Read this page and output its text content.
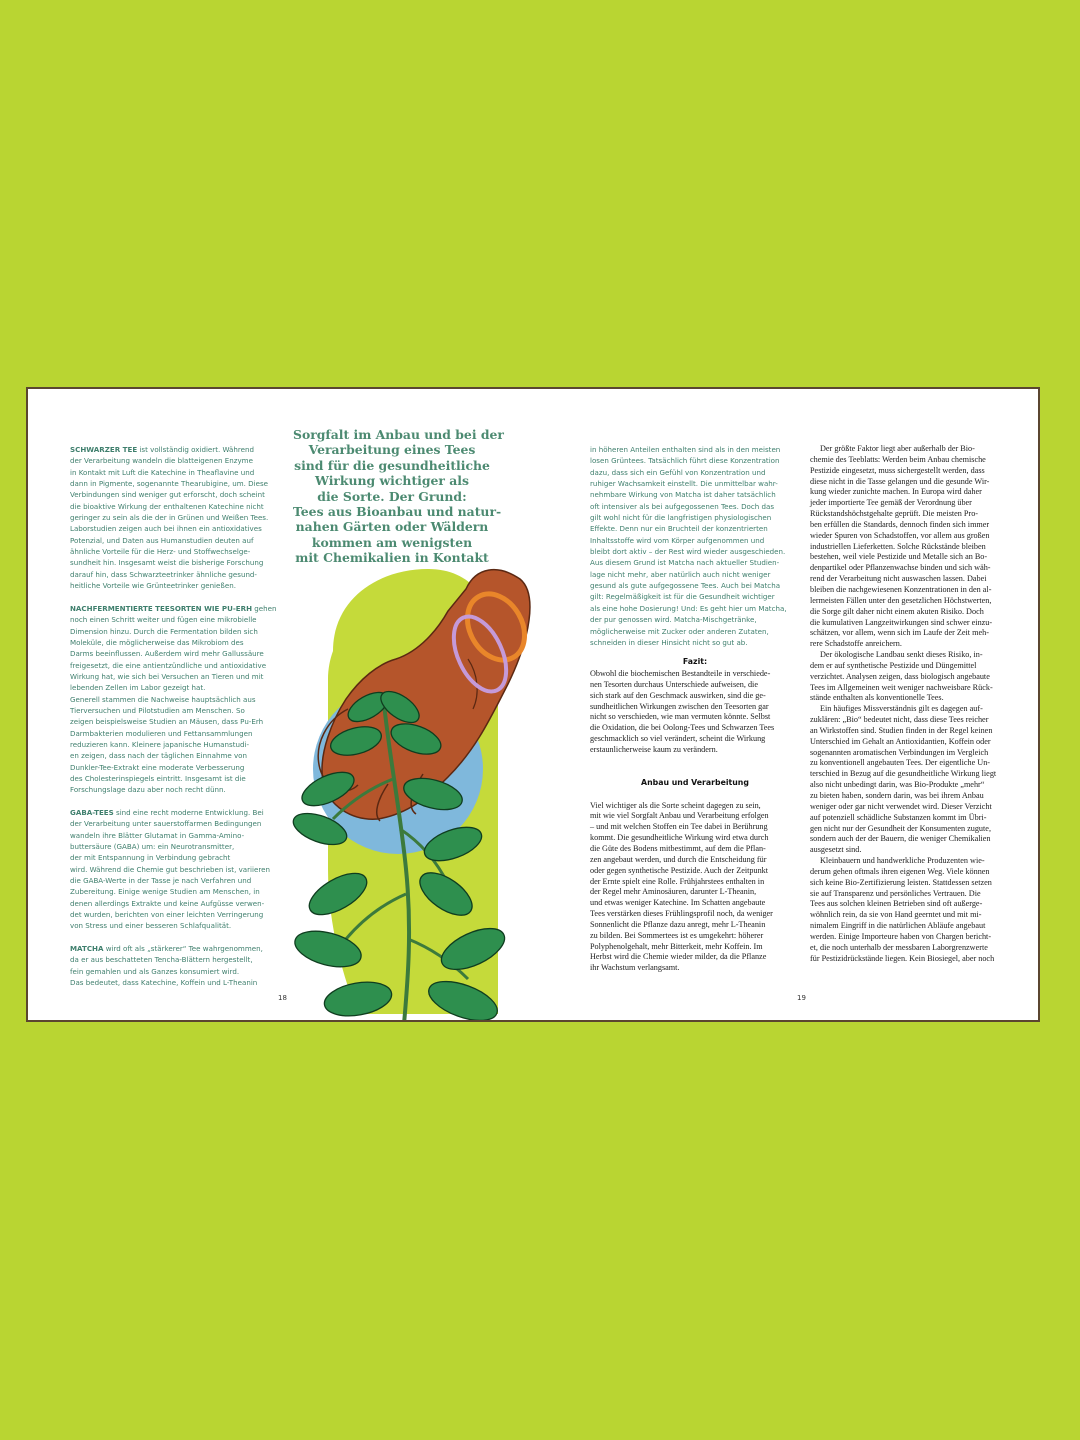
SCHWARZER TEE ist vollständig oxidiert. Während

der Verarbeitung wandeln die blatteigenen Enzyme

in Kontakt mit Luft die Katechine in Theaflavine und

dann in Pigmente, sogenannte Thearubigine, um. Diese

Verbindungen sind weniger gut erforscht, doch scheint

die bioaktive Wirkung der enthaltenen Katechine nicht

geringer zu sein als die der in Grünen und Weißen Tees.

Laborstudien zeigen auch bei ihnen ein antioxidatives

Potenzial, und Daten aus Humanstudien deuten auf

ähnliche Vorteile für die Herz- und Stoffwechselge-

sundheit hin. Insgesamt weist die bisherige Forschung

darauf hin, dass Schwarzteetrinker ähnliche gesund-

heitliche Vorteile wie Grünteetrinker genießen.

NACHFERMENTIERTE TEESORTEN WIE PU-ERH gehen

noch einen Schritt weiter und fügen eine mikrobielle

Dimension hinzu. Durch die Fermentation bilden sich

Moleküle, die möglicherweise das Mikrobiom des

Darms beeinflussen. Außerdem wird mehr Gallussäure

freigesetzt, die eine antientzündliche und antioxidative

Wirkung hat, wie sich bei Versuchen an Tieren und mit

lebenden Zellen im Labor gezeigt hat.

Generell stammen die Nachweise hauptsächlich aus

Tierversuchen und Pilotstudien am Menschen. So

zeigen beispielsweise Studien an Mäusen, dass Pu-Erh

Darmbakterien modulieren und Fettansammlungen

reduzieren kann. Kleinere japanische Humanstudi-

en zeigen, dass nach der täglichen Einnahme von

Dunkler-Tee-Extrakt eine moderate Verbesserung

des Cholesterinspiegels eintritt. Insgesamt ist die

Forschungslage dazu aber noch recht dünn.

GABA-TEES sind eine recht moderne Entwicklung. Bei

der Verarbeitung unter sauerstoffarmen Bedingungen

wandeln ihre Blätter Glutamat in Gamma-Amino-

buttersäure (GABA) um: ein Neurotransmitter,

der mit Entspannung in Verbindung gebracht

wird. Während die Chemie gut beschrieben ist, variieren

die GABA-Werte in der Tasse je nach Verfahren und

Zubereitung. Einige wenige Studien am Menschen, in

denen allerdings Extrakte und keine Aufgüsse verwen-

det wurden, berichten von einer leichten Verringerung

von Stress und einer besseren Schlafqualität.

MATCHA wird oft als „stärkerer“ Tee wahrgenommen,

da er aus beschatteten Tencha-Blättern hergestellt,

fein gemahlen und als Ganzes konsumiert wird.

Das bedeutet, dass Katechine, Koffein und L-Theanin

Sorgfalt im Anbau und bei der
Verarbeitung eines Tees
sind für die gesundheitliche
Wirkung wichtiger als
die Sorte. Der Grund:
Tees aus Bioanbau und natur-
nahen Gärten oder Wäldern
kommen am wenigsten
mit Chemikalien in Kontakt
18	19

in höheren Anteilen enthalten sind als in den meisten

losen Grüntees. Tatsächlich führt diese Konzentration

dazu, dass sich ein Gefühl von Konzentration und

ruhiger Wachsamkeit einstellt. Die unmittelbar wahr-

nehmbare Wirkung von Matcha ist daher tatsächlich

oft intensiver als bei aufgegossenen Tees. Doch das

gilt wohl nicht für die langfristigen physiologischen

Effekte. Denn nur ein Bruchteil der konzentrierten

Inhaltsstoffe wird vom Körper aufgenommen und

bleibt dort aktiv – der Rest wird wieder ausgeschieden.

Aus diesem Grund ist Matcha nach aktueller Studien-

lage nicht mehr, aber natürlich auch nicht weniger

gesund als gute aufgegossene Tees. Auch bei Matcha

gilt: Regelmäßigkeit ist für die Gesundheit wichtiger

als eine hohe Dosierung! Und: Es geht hier um Matcha,

der pur genossen wird. Matcha-Mischgetränke,

möglicherweise mit Zucker oder anderen Zutaten,

schneiden in dieser Hinsicht nicht so gut ab.

Fazit:

Obwohl die biochemischen Bestandteile in verschiede-

nen Tesorten durchaus Unterschiede aufweisen, die

sich stark auf den Geschmack auswirken, sind die ge-

sundheitlichen Wirkungen zwischen den Teesorten gar

nicht so verschieden, wie man vermuten könnte. Selbst

die Oxidation, die bei Oolong-Tees und Schwarzen Tees

geschmacklich so viel verändert, scheint die Wirkung

erstaunlicherweise kaum zu verändern.

Anbau und Verarbeitung

Viel wichtiger als die Sorte scheint dagegen zu sein,

mit wie viel Sorgfalt Anbau und Verarbeitung erfolgen

– und mit welchen Stoffen ein Tee dabei in Berührung

kommt. Die gesundheitliche Wirkung wird etwa durch

die Güte des Bodens mitbestimmt, auf dem die Pflan-

zen angebaut werden, und durch die Entscheidung für

oder gegen synthetische Pestizide. Auch der Zeitpunkt

der Ernte spielt eine Rolle. Frühjahrstees enthalten in

der Regel mehr Aminosäuren, darunter L-Theanin,

und etwas weniger Katechine. Im Schatten angebaute

Tees verstärken dieses Frühlingsprofil noch, da weniger

Sonnenlicht die Pflanze dazu anregt, mehr L-Theanin

zu bilden. Bei Sommertees ist es umgekehrt: höherer

Polyphenolgehalt, mehr Bitterkeit, mehr Koffein. Im

Herbst wird die Chemie wieder milder, da die Pflanze

ihr Wachstum verlangsamt.

Der größte Faktor liegt aber außerhalb der Bio-

chemie des Teeblatts: Werden beim Anbau chemische

Pestizide eingesetzt, muss sichergestellt werden, dass

diese nicht in die Tasse gelangen und die gesunde Wir-

kung wieder zunichte machen. In Europa wird daher

jeder importierte Tee gemäß der Verordnung über

Rückstandshöchstgehalte geprüft. Die meisten Pro-

ben erfüllen die Standards, dennoch finden sich immer

wieder Spuren von Schadstoffen, vor allem aus großen

industriellen Lieferketten. Solche Rückstände bleiben

bestehen, weil viele Pestizide und Metalle sich an Bo-

denpartikel oder Pflanzenwachse binden und sich wäh-

rend der Verarbeitung nicht auswaschen lassen. Dabei

bleiben die nachgewiesenen Konzentrationen in den al-

lermeisten Fällen unter den gesetzlichen Höchstwerten,

die Sorge gilt daher nicht einem akuten Risiko. Doch

die kumulativen Langzeitwirkungen sind schwer einzu-

schätzen, vor allem, wenn sich im Laufe der Zeit meh-

rere Schadstoffe anreichern.

Der ökologische Landbau senkt dieses Risiko, in-

dem er auf synthetische Pestizide und Düngemittel

verzichtet. Analysen zeigen, dass biologisch angebaute

Tees im Allgemeinen weit weniger nachweisbare Rück-

stände enthalten als konventionelle Tees.

Ein häufiges Missverständnis gilt es dagegen auf-

zuklären: „Bio“ bedeutet nicht, dass diese Tees reicher

an Wirkstoffen sind. Studien finden in der Regel keinen

Unterschied im Gehalt an Antioxidantien, Koffein oder

sogenannten aromatischen Verbindungen im Vergleich

zu konventionell angebauten Tees. Der eigentliche Un-

terschied in Bezug auf die gesundheitliche Wirkung liegt

also nicht unbedingt darin, was Bio-Produkte „mehr“

zu bieten haben, sondern darin, was bei ihrem Anbau

weniger oder gar nicht verwendet wird. Dieser Verzicht

auf potenziell schädliche Substanzen kommt im Übri-

gen nicht nur der Gesundheit der Konsumenten zugute,

sondern auch der der Bauern, die weniger Chemikalien

ausgesetzt sind.

Kleinbauern und handwerkliche Produzenten wie-

derum gehen oftmals ihren eigenen Weg. Viele können

sich keine Bio-Zertifizierung leisten. Stattdessen setzen

sie auf Transparenz und persönliches Vertrauen. Die

Tees aus solchen kleinen Betrieben sind oft außerge-

wöhnlich rein, da sie von Hand geerntet und mit mi-

nimalem Eingriff in die natürlichen Abläufe angebaut

werden. Einige Importeure haben von Chargen bericht-

et, die noch unterhalb der messbaren Laborgrenzwerte

für Pestizidrückstände liegen. Kein Biosiegel, aber noch
